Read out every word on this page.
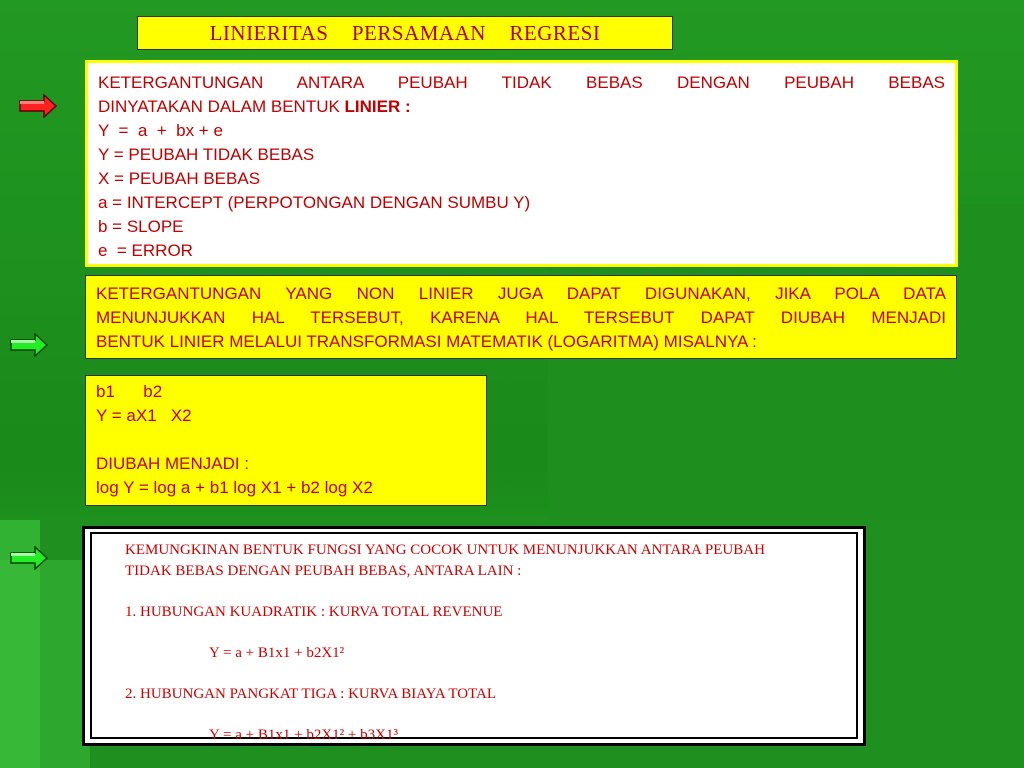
LINIERITAS  PERSAMAAN  REGRESI
KETERGANTUNGAN ANTARA PEUBAH TIDAK BEBAS DENGAN PEUBAH BEBAS
DINYATAKAN DALAM BENTUK LINIER :
Y  =  a  +  bx + e
Y = PEUBAH TIDAK BEBAS
X = PEUBAH BEBAS
a = INTERCEPT (PERPOTONGAN DENGAN SUMBU Y)
b = SLOPE
e  = ERROR
KETERGANTUNGAN YANG NON LINIER JUGA DAPAT DIGUNAKAN, JIKA POLA DATA
MENUNJUKKAN HAL TERSEBUT, KARENA HAL TERSEBUT DAPAT DIUBAH MENJADI
BENTUK LINIER MELALUI TRANSFORMASI MATEMATIK (LOGARITMA) MISALNYA :
b1      b2
Y = aX1   X2
DIUBAH MENJADI :
log Y = log a + b1 log X1 + b2 log X2
KEMUNGKINAN BENTUK FUNGSI YANG COCOK UNTUK MENUNJUKKAN ANTARA PEUBAH
TIDAK BEBAS DENGAN PEUBAH BEBAS, ANTARA LAIN :
1. HUBUNGAN KUADRATIK : KURVA TOTAL REVENUE
Y = a + B1x1 + b2X1²
2. HUBUNGAN PANGKAT TIGA : KURVA BIAYA TOTAL
Y = a + B1x1 + b2X1² + b3X1³
